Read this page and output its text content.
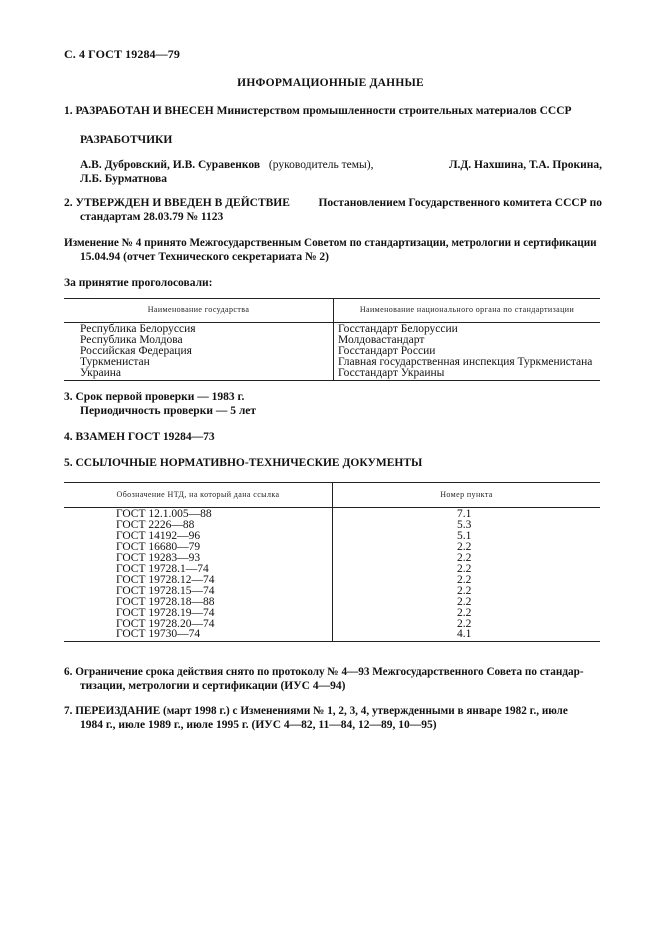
С. 4 ГОСТ 19284—79
ИНФОРМАЦИОННЫЕ ДАННЫЕ
1. РАЗРАБОТАН И ВНЕСЕН Министерством промышленности строительных материалов СССР
РАЗРАБОТЧИКИ
А.В. Дубровский, И.В. Суравенков (руководитель темы),	Л.Д. Нахшина, Т.А. Прокина,
Л.Б. Бурматнова
2. УТВЕРЖДЕН И ВВЕДЕН В ДЕЙСТВИЕ Постановлением Государственного комитета СССР по
стандартам 28.03.79 № 1123
Изменение № 4 принято Межгосударственным Советом по стандартизации, метрологии и сертификации
15.04.94 (отчет Технического секретариата № 2)
За принятие проголосовали:
Наименование государства	Наименование национального органа по стандартизации
Республика Белоруссия	Госстандарт Белоруссии
Республика Молдова	Молдовастандарт
Российская Федерация	Госстандарт России
Туркменистан	Главная государственная инспекция Туркменистана
Украина	Госстандарт Украины
3. Срок первой проверки — 1983 г.
Периодичность проверки — 5 лет
4. ВЗАМЕН ГОСТ 19284—73
5. ССЫЛОЧНЫЕ НОРМАТИВНО-ТЕХНИЧЕСКИЕ ДОКУМЕНТЫ
Обозначение НТД, на который дана ссылка	Номер пункта
ГОСТ 12.1.005—88	7.1
ГОСТ 2226—88	5.3
ГОСТ 14192—96	5.1
ГОСТ 16680—79	2.2
ГОСТ 19283—93	2.2
ГОСТ 19728.1—74	2.2
ГОСТ 19728.12—74	2.2
ГОСТ 19728.15—74	2.2
ГОСТ 19728.18—88	2.2
ГОСТ 19728.19—74	2.2
ГОСТ 19728.20—74	2.2
ГОСТ 19730—74	4.1
6. Ограничение срока действия снято по протоколу № 4—93 Межгосударственного Совета по стандар-
тизации, метрологии и сертификации (ИУС 4—94)
7. ПЕРЕИЗДАНИЕ (март 1998 г.) с Изменениями № 1, 2, 3, 4, утвержденными в январе 1982 г., июле
1984 г., июле 1989 г., июле 1995 г. (ИУС 4—82, 11—84, 12—89, 10—95)
